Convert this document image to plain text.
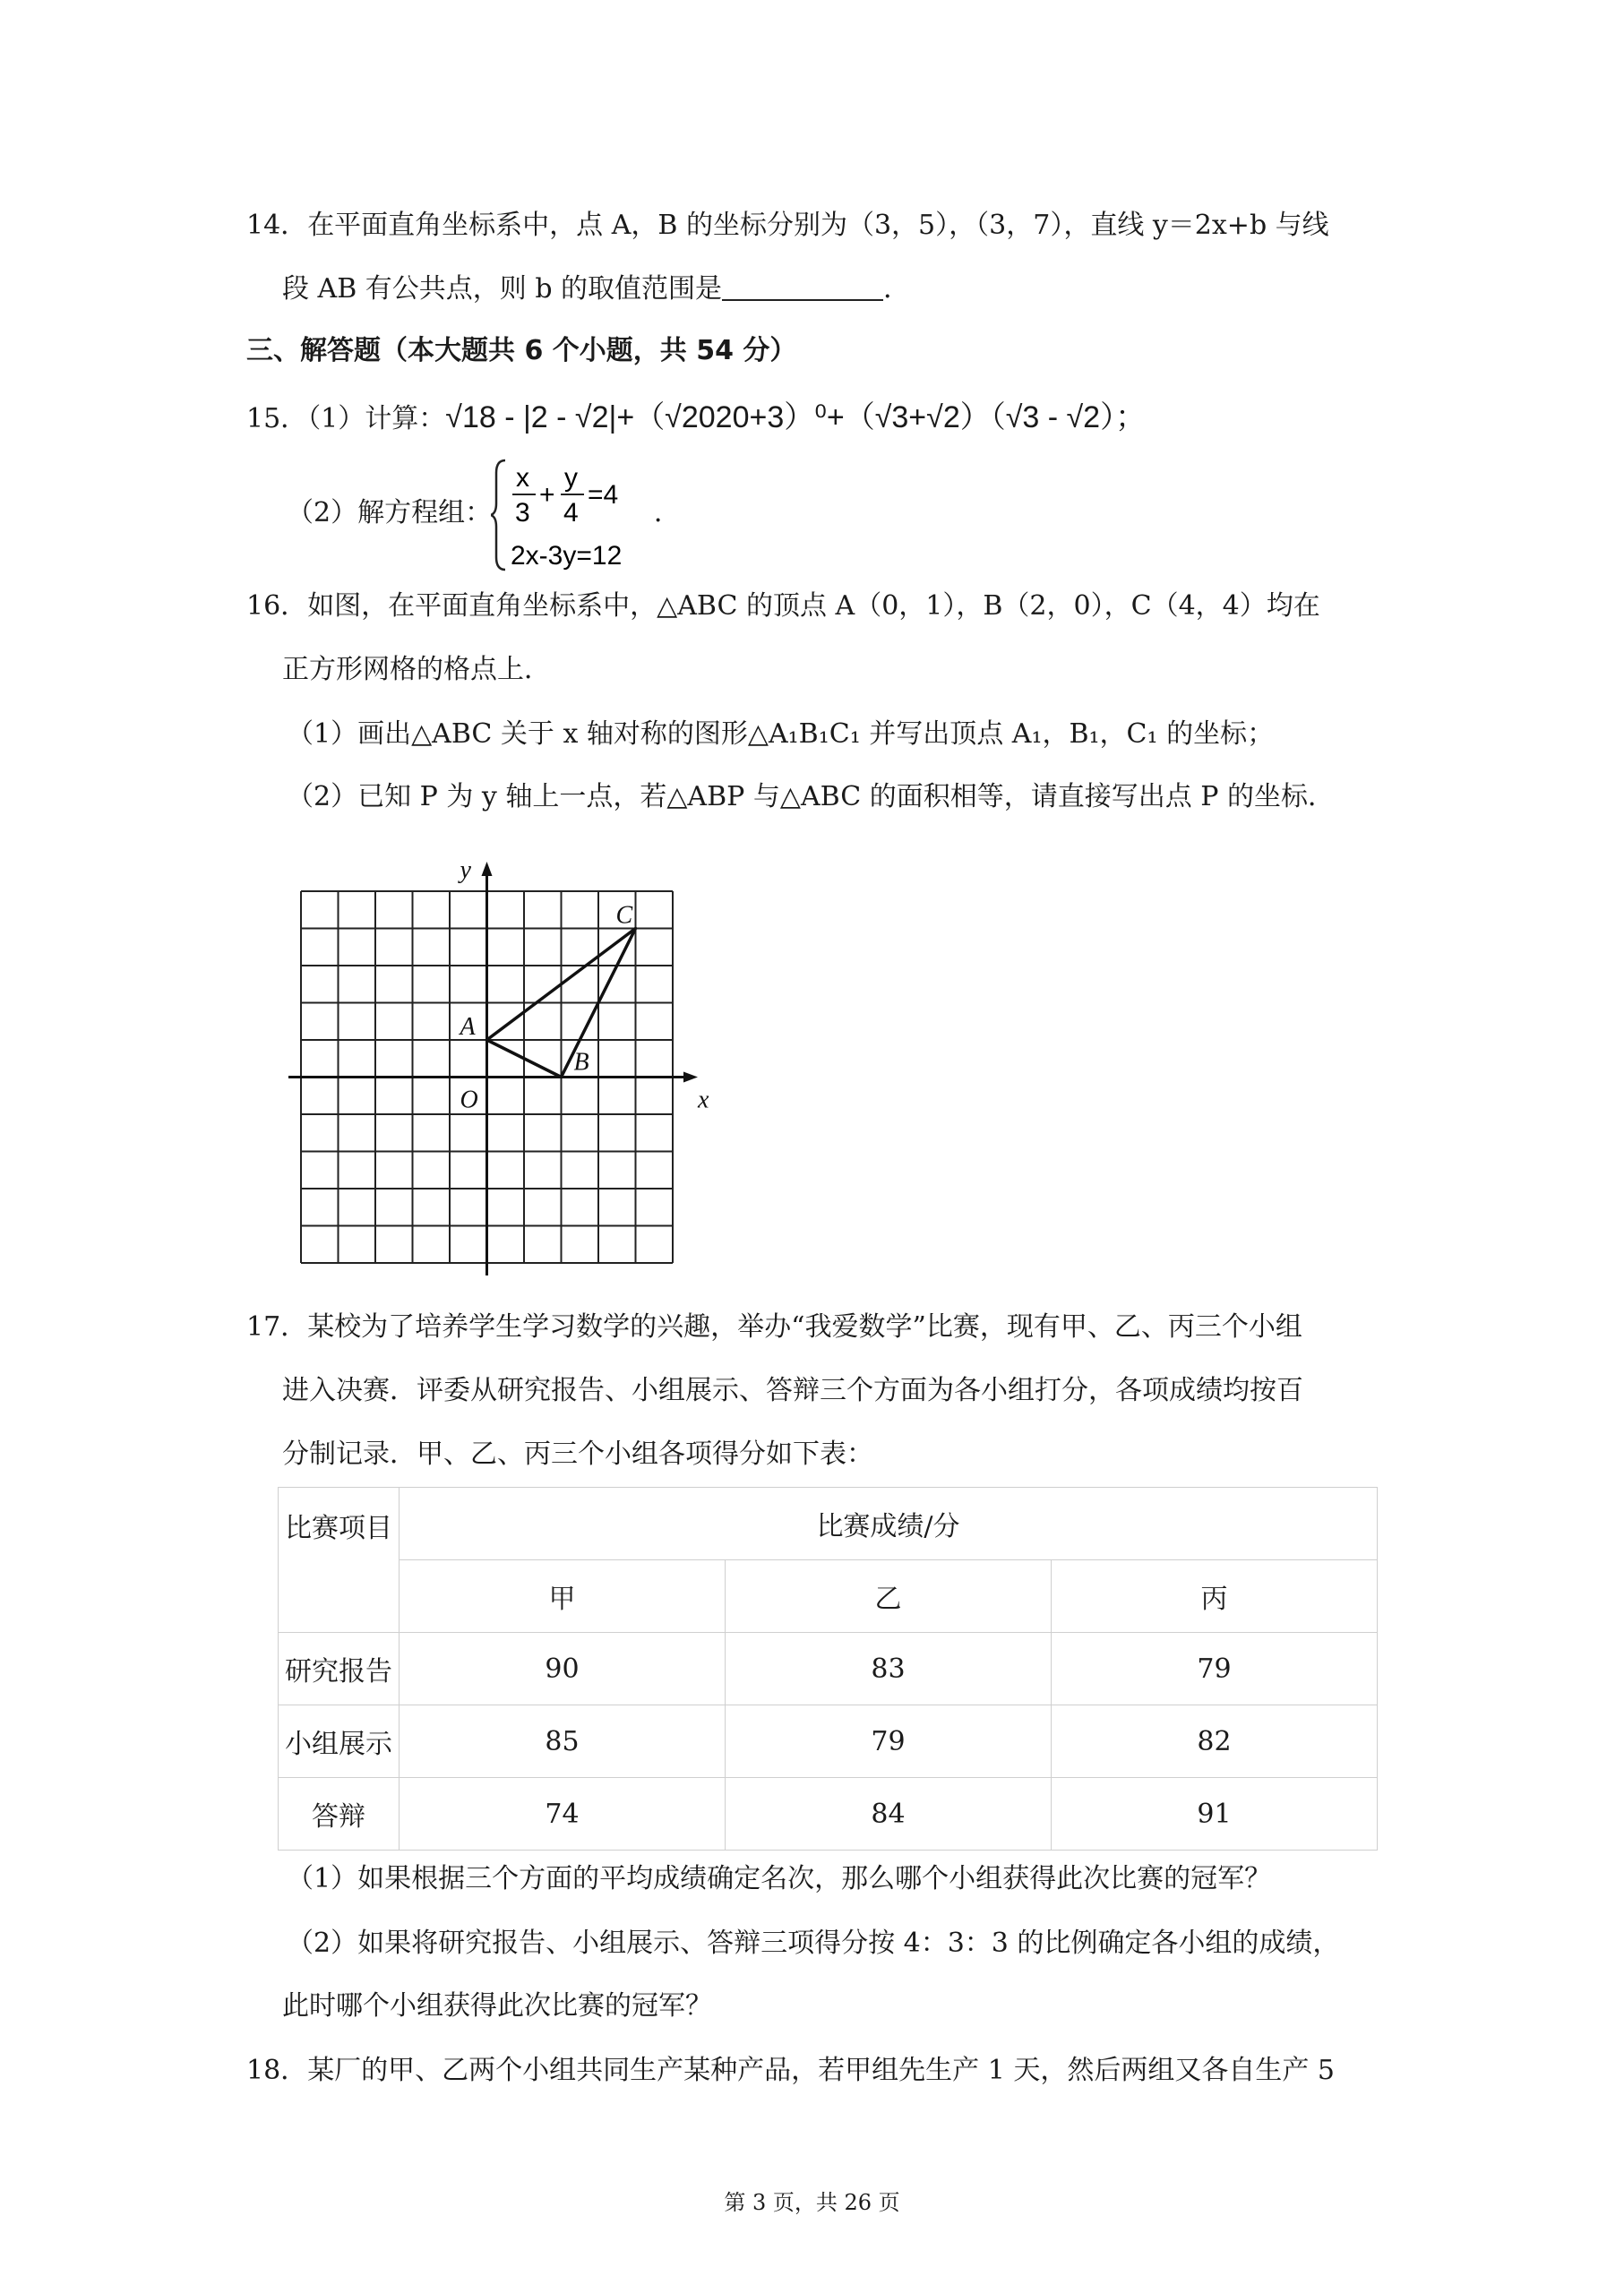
14．在平面直角坐标系中，点 A，B 的坐标分别为（3，5），（3，7），直线 y＝2x+b 与线
段 AB 有公共点，则 b 的取值范围是	．
三、解答题（本大题共 6 个小题，共 54 分）
15．（1）计算：√18 - |2 - √2|+（√2020+3）⁰+（√3+√2）（√3 - √2）；
（2）解方程组：
x
3
+
y
4
=4
2x-3y=12
．
16．如图，在平面直角坐标系中，△ABC 的顶点 A（0，1），B（2，0），C（4，4）均在
正方形网格的格点上．
（1）画出△ABC 关于 x 轴对称的图形△A₁B₁C₁ 并写出顶点 A₁，B₁，C₁ 的坐标；
（2）已知 P 为 y 轴上一点，若△ABP 与△ABC 的面积相等，请直接写出点 P 的坐标．
y
x
O
A
B
C
17．某校为了培养学生学习数学的兴趣，举办“我爱数学”比赛，现有甲、乙、丙三个小组
进入决赛．评委从研究报告、小组展示、答辩三个方面为各小组打分，各项成绩均按百
分制记录．甲、乙、丙三个小组各项得分如下表：
比赛项目	比赛成绩/分		
	甲	乙	丙
研究报告	90	83	79
小组展示	85	79	82
答辩	74	84	91
（1）如果根据三个方面的平均成绩确定名次，那么哪个小组获得此次比赛的冠军？
（2）如果将研究报告、小组展示、答辩三项得分按 4：3：3 的比例确定各小组的成绩，
此时哪个小组获得此次比赛的冠军？
18．某厂的甲、乙两个小组共同生产某种产品，若甲组先生产 1 天，然后两组又各自生产 5
第 3 页，共 26 页
